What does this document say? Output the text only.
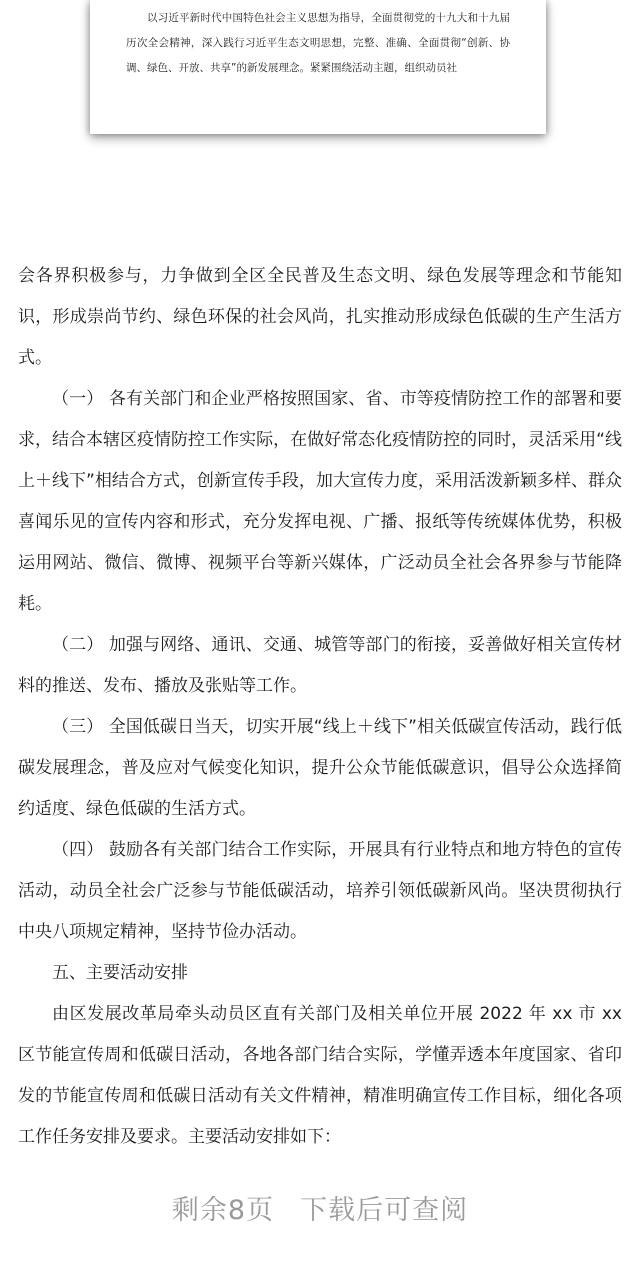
以习近平新时代中国特色社会主义思想为指导，全面贯彻党的十九大和十九届历次全会精神，深入践行习近平生态文明思想，完整、准确、全面贯彻“创新、协调、绿色、开放、共享”的新发展理念。紧紧围绕活动主题，组织动员社

会各界积极参与，力争做到全区全民普及生态文明、绿色发展等理念和节能知识，形成崇尚节约、绿色环保的社会风尚，扎实推动形成绿色低碳的生产生活方式。

（一） 各有关部门和企业严格按照国家、省、市等疫情防控工作的部署和要求，结合本辖区疫情防控工作实际，在做好常态化疫情防控的同时，灵活采用“线上＋线下”相结合方式，创新宣传手段，加大宣传力度，采用活泼新颖多样、群众喜闻乐见的宣传内容和形式，充分发挥电视、广播、报纸等传统媒体优势，积极运用网站、微信、微博、视频平台等新兴媒体，广泛动员全社会各界参与节能降耗。

（二） 加强与网络、通讯、交通、城管等部门的衔接，妥善做好相关宣传材料的推送、发布、播放及张贴等工作。

（三） 全国低碳日当天，切实开展“线上＋线下”相关低碳宣传活动，践行低碳发展理念，普及应对气候变化知识，提升公众节能低碳意识，倡导公众选择简约适度、绿色低碳的生活方式。

（四） 鼓励各有关部门结合工作实际，开展具有行业特点和地方特色的宣传活动，动员全社会广泛参与节能低碳活动，培养引领低碳新风尚。坚决贯彻执行中央八项规定精神，坚持节俭办活动。

五、主要活动安排

由区发展改革局牵头动员区直有关部门及相关单位开展 2022 年 xx 市 xx 区节能宣传周和低碳日活动，各地各部门结合实际，学懂弄透本年度国家、省印发的节能宣传周和低碳日活动有关文件精神，精准明确宣传工作目标，细化各项工作任务安排及要求。主要活动安排如下：

剩余8页 下载后可查阅
